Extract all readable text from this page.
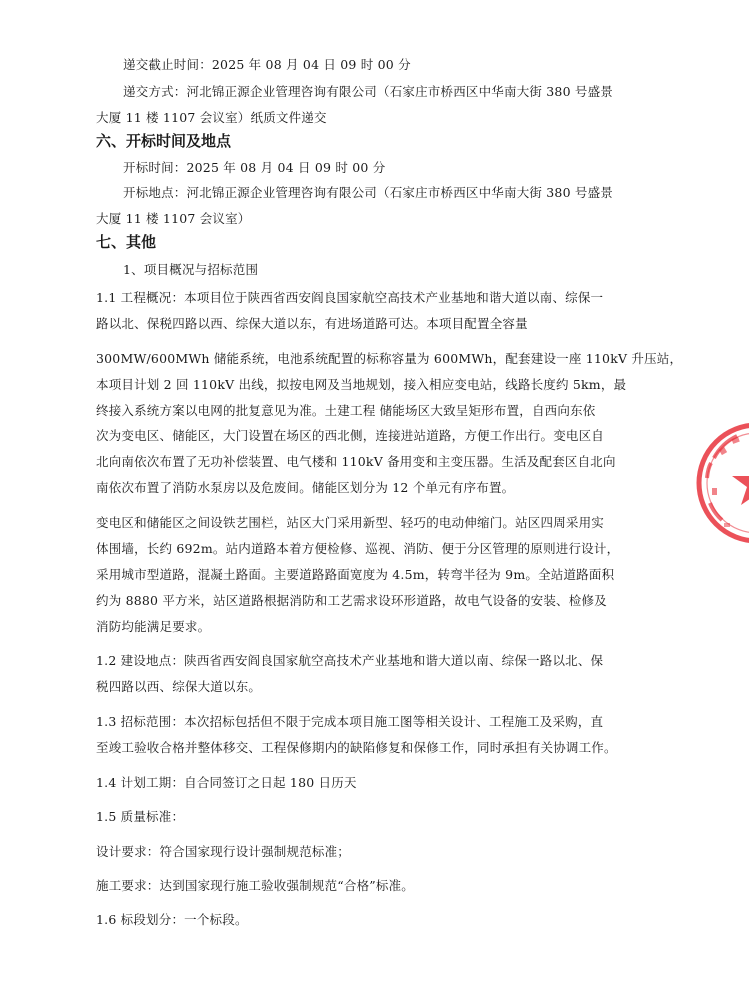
递交截止时间：2025 年 08 月 04 日 09 时 00 分
递交方式：河北锦正源企业管理咨询有限公司（石家庄市桥西区中华南大街 380 号盛景
大厦 11 楼 1107 会议室）纸质文件递交
六、开标时间及地点
开标时间：2025 年 08 月 04 日 09 时 00 分
开标地点：河北锦正源企业管理咨询有限公司（石家庄市桥西区中华南大街 380 号盛景
大厦 11 楼 1107 会议室）
七、其他
1、项目概况与招标范围
1.1 工程概况：本项目位于陕西省西安阎良国家航空高技术产业基地和谐大道以南、综保一
路以北、保税四路以西、综保大道以东，有进场道路可达。本项目配置全容量
300MW/600MWh 储能系统，电池系统配置的标称容量为 600MWh，配套建设一座 110kV 升压站，
本项目计划 2 回 110kV 出线，拟按电网及当地规划，接入相应变电站，线路长度约 5km，最
终接入系统方案以电网的批复意见为准。土建工程 储能场区大致呈矩形布置，自西向东依
次为变电区、储能区，大门设置在场区的西北侧，连接进站道路，方便工作出行。变电区自
北向南依次布置了无功补偿装置、电气楼和 110kV 备用变和主变压器。生活及配套区自北向
南依次布置了消防水泵房以及危废间。储能区划分为 12 个单元有序布置。
变电区和储能区之间设铁艺围栏，站区大门采用新型、轻巧的电动伸缩门。站区四周采用实
体围墙，长约 692m。站内道路本着方便检修、巡视、消防、便于分区管理的原则进行设计，
采用城市型道路，混凝土路面。主要道路路面宽度为 4.5m，转弯半径为 9m。全站道路面积
约为 8880 平方米，站区道路根据消防和工艺需求设环形道路，故电气设备的安装、检修及
消防均能满足要求。
1.2 建设地点：陕西省西安阎良国家航空高技术产业基地和谐大道以南、综保一路以北、保
税四路以西、综保大道以东。
1.3 招标范围：本次招标包括但不限于完成本项目施工图等相关设计、工程施工及采购，直
至竣工验收合格并整体移交、工程保修期内的缺陷修复和保修工作，同时承担有关协调工作。
1.4 计划工期：自合同签订之日起 180 日历天
1.5 质量标准：
设计要求：符合国家现行设计强制规范标准；
施工要求：达到国家现行施工验收强制规范“合格”标准。
1.6 标段划分：一个标段。
